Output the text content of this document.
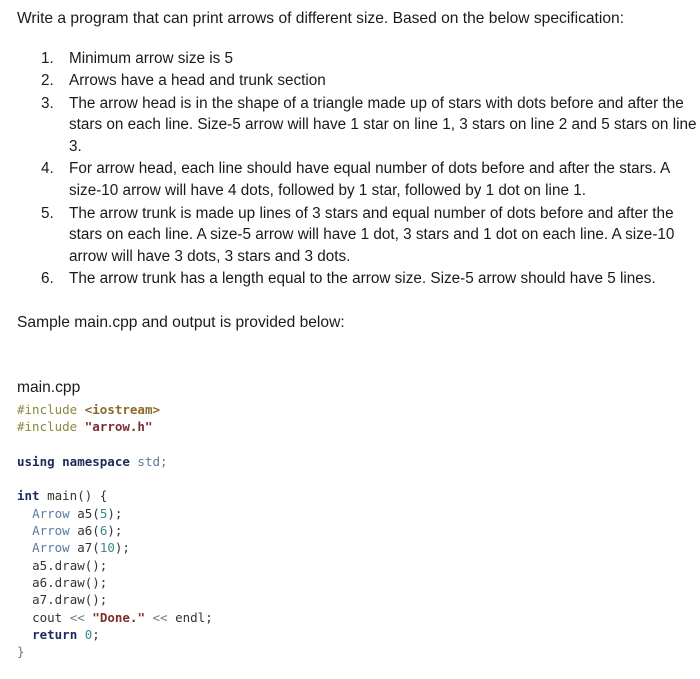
Write a program that can print arrows of different size. Based on the below specification:
1. Minimum arrow size is 5
2. Arrows have a head and trunk section
3. The arrow head is in the shape of a triangle made up of stars with dots before and after the stars on each line. Size-5 arrow will have 1 star on line 1, 3 stars on line 2 and 5 stars on line 3.
4. For arrow head, each line should have equal number of dots before and after the stars. A size-10 arrow will have 4 dots, followed by 1 star, followed by 1 dot on line 1.
5. The arrow trunk is made up lines of 3 stars and equal number of dots before and after the stars on each line. A size-5 arrow will have 1 dot, 3 stars and 1 dot on each line. A size-10 arrow will have 3 dots, 3 stars and 3 dots.
6. The arrow trunk has a length equal to the arrow size. Size-5 arrow should have 5 lines.
Sample main.cpp and output is provided below:
main.cpp
#include <iostream>
#include "arrow.h"

using namespace std;

int main() {
Arrow a5(5);
Arrow a6(6);
Arrow a7(10);
a5.draw();
a6.draw();
a7.draw();
cout << "Done." << endl;
return 0;
}
